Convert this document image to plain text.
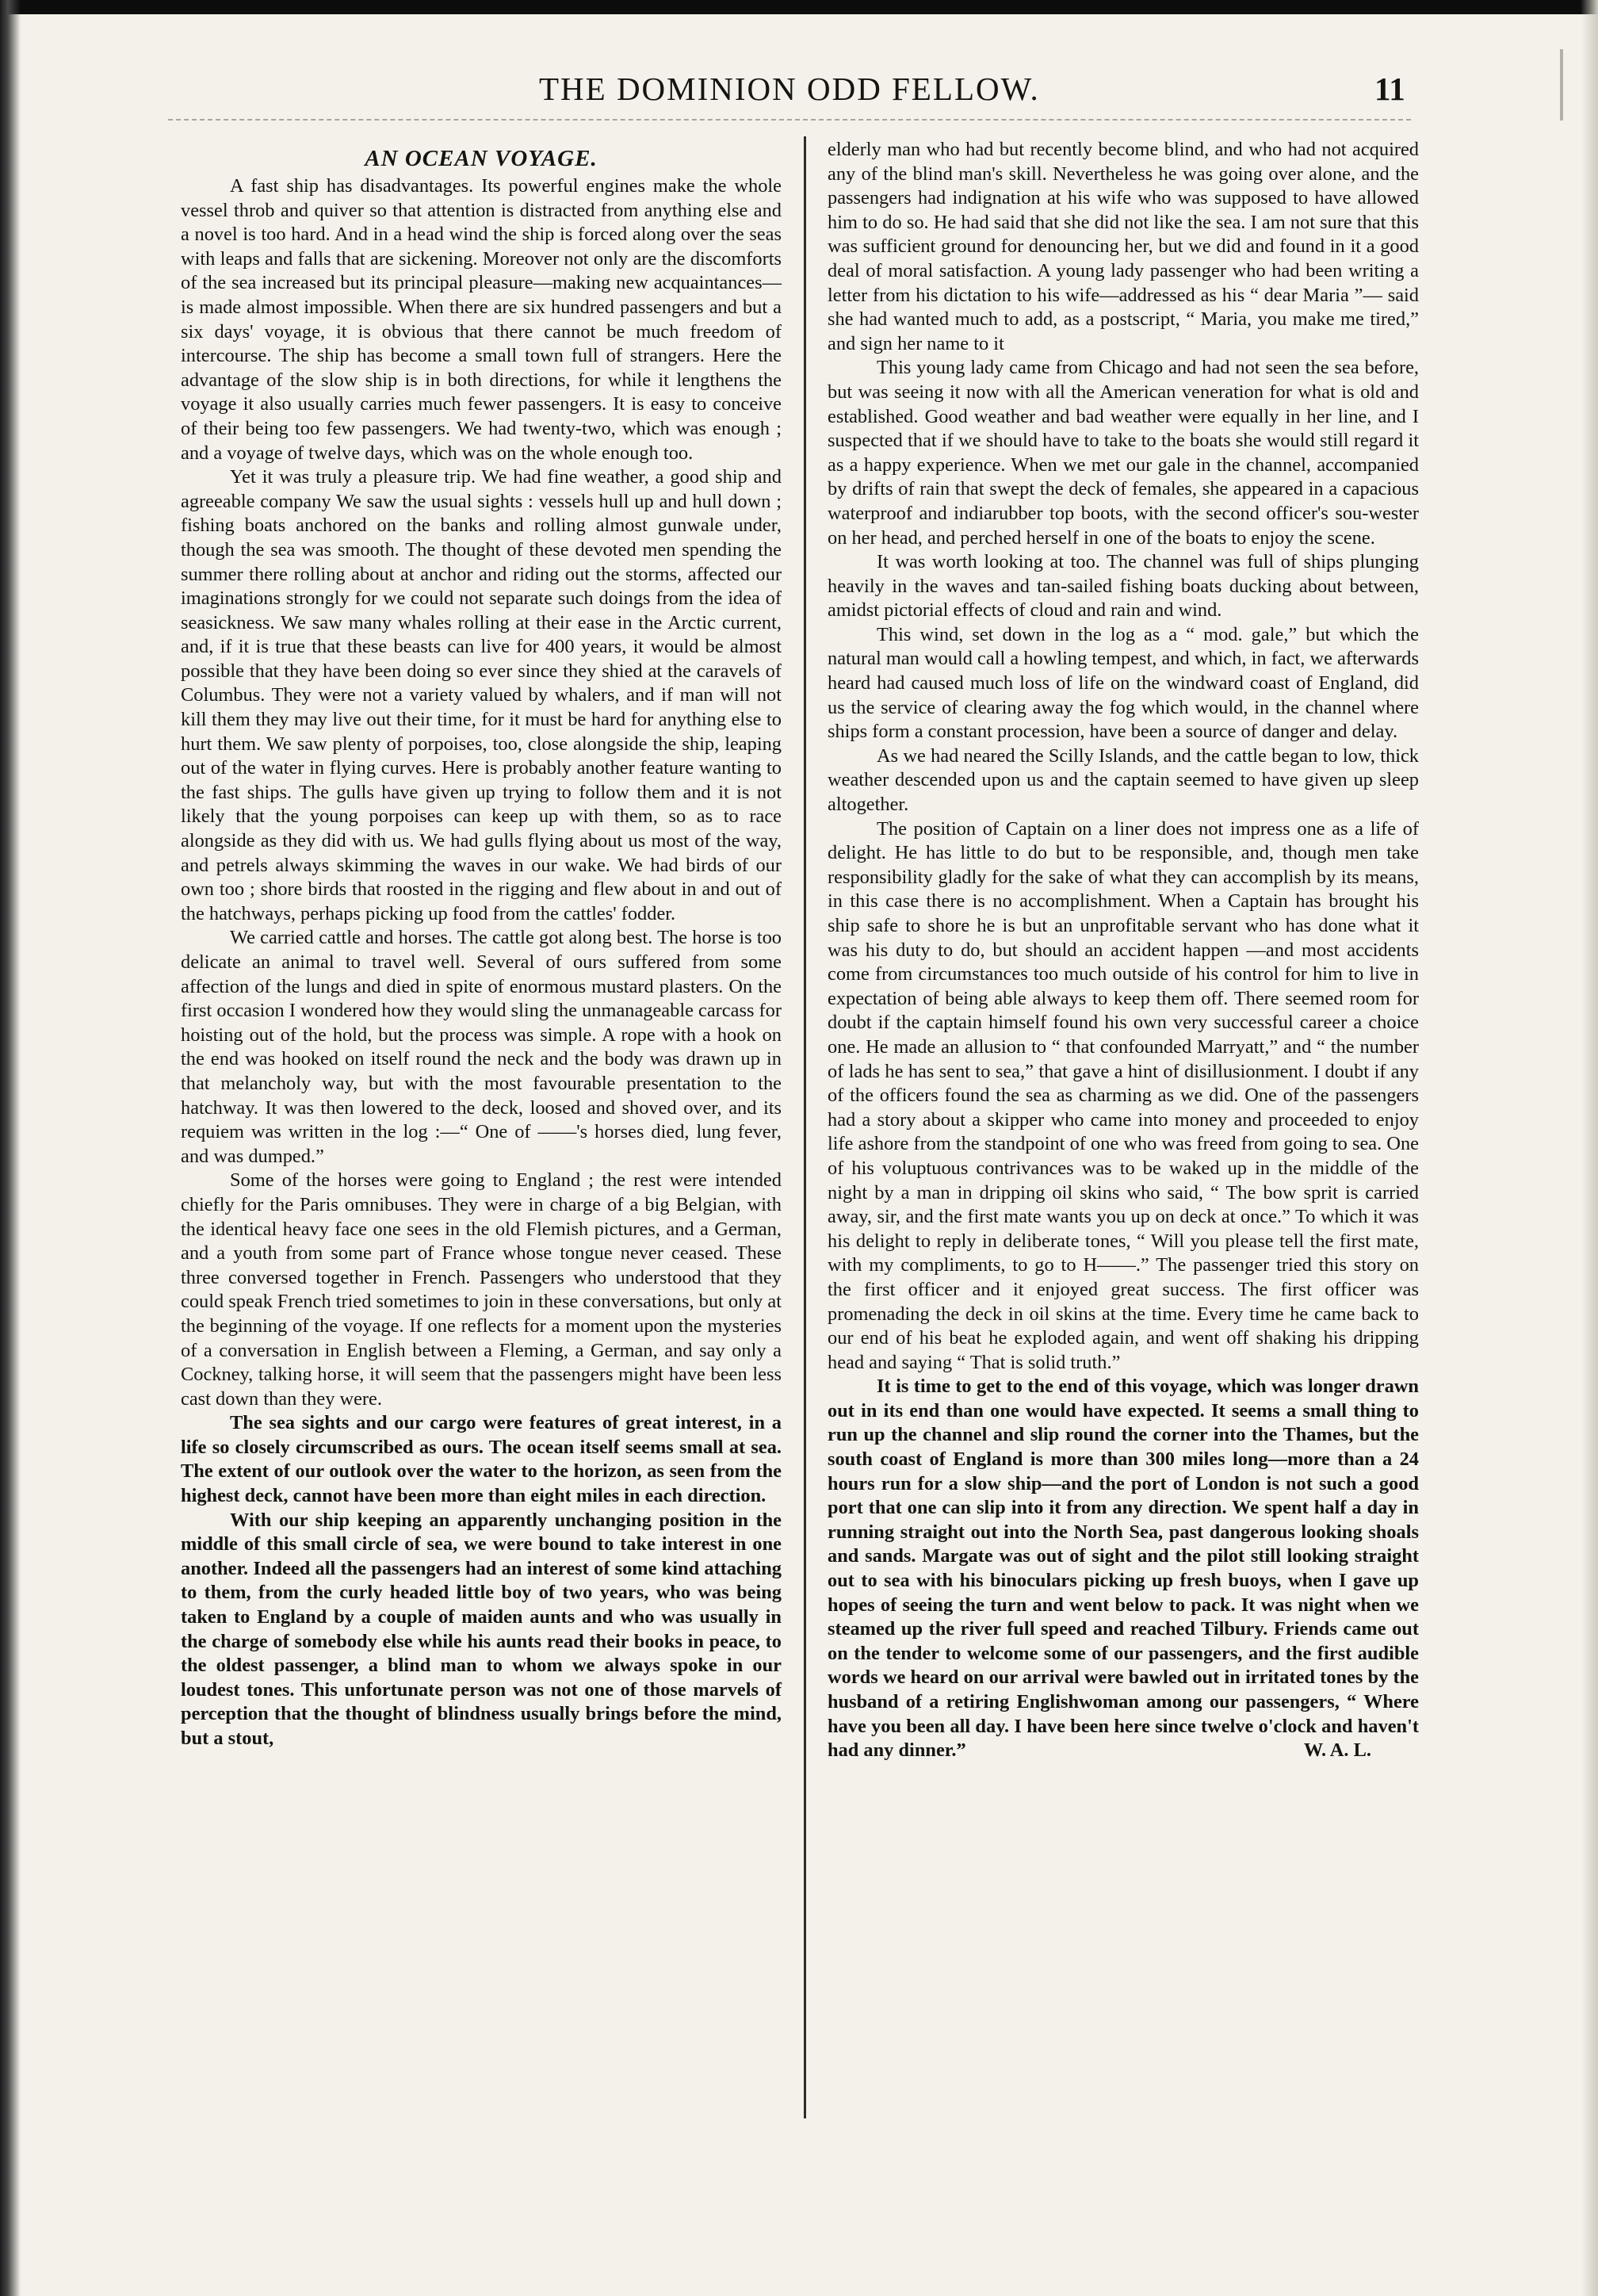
THE DOMINION ODD FELLOW.	11
AN OCEAN VOYAGE.

A fast ship has disadvantages. Its powerful engines make the whole vessel throb and quiver so that attention is distracted from anything else and a novel is too hard. And in a head wind the ship is forced along over the seas with leaps and falls that are sickening. Moreover not only are the discomforts of the sea increased but its principal pleasure—making new acquaintances—is made almost impossible. When there are six hundred passengers and but a six days' voyage, it is obvious that there cannot be much freedom of intercourse. The ship has become a small town full of strangers. Here the advantage of the slow ship is in both directions, for while it lengthens the voyage it also usually carries much fewer passengers. It is easy to conceive of their being too few passengers. We had twenty-two, which was enough ; and a voyage of twelve days, which was on the whole enough too.

Yet it was truly a pleasure trip. We had fine weather, a good ship and agreeable company We saw the usual sights : vessels hull up and hull down ; fishing boats anchored on the banks and rolling almost gunwale under, though the sea was smooth. The thought of these devoted men spending the summer there rolling about at anchor and riding out the storms, affected our imaginations strongly for we could not separate such doings from the idea of seasickness. We saw many whales rolling at their ease in the Arctic current, and, if it is true that these beasts can live for 400 years, it would be almost possible that they have been doing so ever since they shied at the caravels of Columbus. They were not a variety valued by whalers, and if man will not kill them they may live out their time, for it must be hard for anything else to hurt them. We saw plenty of porpoises, too, close alongside the ship, leaping out of the water in flying curves. Here is probably another feature wanting to the fast ships. The gulls have given up trying to follow them and it is not likely that the young porpoises can keep up with them, so as to race alongside as they did with us. We had gulls flying about us most of the way, and petrels always skimming the waves in our wake. We had birds of our own too ; shore birds that roosted in the rigging and flew about in and out of the hatchways, perhaps picking up food from the cattles' fodder.

We carried cattle and horses. The cattle got along best. The horse is too delicate an animal to travel well. Several of ours suffered from some affection of the lungs and died in spite of enormous mustard plasters. On the first occasion I wondered how they would sling the unmanageable carcass for hoisting out of the hold, but the process was simple. A rope with a hook on the end was hooked on itself round the neck and the body was drawn up in that melancholy way, but with the most favourable presentation to the hatchway. It was then lowered to the deck, loosed and shoved over, and its requiem was written in the log :—“ One of ——'s horses died, lung fever, and was dumped.”

Some of the horses were going to England ; the rest were intended chiefly for the Paris omnibuses. They were in charge of a big Belgian, with the identical heavy face one sees in the old Flemish pictures, and a German, and a youth from some part of France whose tongue never ceased. These three conversed together in French. Passengers who understood that they could speak French tried sometimes to join in these conversations, but only at the beginning of the voyage. If one reflects for a moment upon the mysteries of a conversation in English between a Fleming, a German, and say only a Cockney, talking horse, it will seem that the passengers might have been less cast down than they were.

The sea sights and our cargo were features of great interest, in a life so closely circumscribed as ours. The ocean itself seems small at sea. The extent of our outlook over the water to the horizon, as seen from the highest deck, cannot have been more than eight miles in each direction.

With our ship keeping an apparently unchanging position in the middle of this small circle of sea, we were bound to take interest in one another. Indeed all the passengers had an interest of some kind attaching to them, from the curly headed little boy of two years, who was being taken to England by a couple of maiden aunts and who was usually in the charge of somebody else while his aunts read their books in peace, to the oldest passenger, a blind man to whom we always spoke in our loudest tones. This unfortunate person was not one of those marvels of perception that the thought of blindness usually brings before the mind, but a stout,

elderly man who had but recently become blind, and who had not acquired any of the blind man's skill. Nevertheless he was going over alone, and the passengers had indignation at his wife who was supposed to have allowed him to do so. He had said that she did not like the sea. I am not sure that this was sufficient ground for denouncing her, but we did and found in it a good deal of moral satisfaction. A young lady passenger who had been writing a letter from his dictation to his wife—addressed as his “ dear Maria ”— said she had wanted much to add, as a postscript, “ Maria, you make me tired,” and sign her name to it

This young lady came from Chicago and had not seen the sea before, but was seeing it now with all the American veneration for what is old and established. Good weather and bad weather were equally in her line, and I suspected that if we should have to take to the boats she would still regard it as a happy experience. When we met our gale in the channel, accompanied by drifts of rain that swept the deck of females, she appeared in a capacious waterproof and indiarubber top boots, with the second officer's sou-wester on her head, and perched herself in one of the boats to enjoy the scene.

It was worth looking at too. The channel was full of ships plunging heavily in the waves and tan-sailed fishing boats ducking about between, amidst pictorial effects of cloud and rain and wind.

This wind, set down in the log as a “ mod. gale,” but which the natural man would call a howling tempest, and which, in fact, we afterwards heard had caused much loss of life on the windward coast of England, did us the service of clearing away the fog which would, in the channel where ships form a constant procession, have been a source of danger and delay.

As we had neared the Scilly Islands, and the cattle began to low, thick weather descended upon us and the captain seemed to have given up sleep altogether.

The position of Captain on a liner does not impress one as a life of delight. He has little to do but to be responsible, and, though men take responsibility gladly for the sake of what they can accomplish by its means, in this case there is no accomplishment. When a Captain has brought his ship safe to shore he is but an unprofitable servant who has done what it was his duty to do, but should an accident happen —and most accidents come from circumstances too much outside of his control for him to live in expectation of being able always to keep them off. There seemed room for doubt if the captain himself found his own very successful career a choice one. He made an allusion to “ that confounded Marryatt,” and “ the number of lads he has sent to sea,” that gave a hint of disillusionment. I doubt if any of the officers found the sea as charming as we did. One of the passengers had a story about a skipper who came into money and proceeded to enjoy life ashore from the standpoint of one who was freed from going to sea. One of his voluptuous contrivances was to be waked up in the middle of the night by a man in dripping oil skins who said, “ The bow sprit is carried away, sir, and the first mate wants you up on deck at once.” To which it was his delight to reply in deliberate tones, “ Will you please tell the first mate, with my compliments, to go to H——.” The passenger tried this story on the first officer and it enjoyed great success. The first officer was promenading the deck in oil skins at the time. Every time he came back to our end of his beat he exploded again, and went off shaking his dripping head and saying “ That is solid truth.”

It is time to get to the end of this voyage, which was longer drawn out in its end than one would have expected. It seems a small thing to run up the channel and slip round the corner into the Thames, but the south coast of England is more than 300 miles long—more than a 24 hours run for a slow ship—and the port of London is not such a good port that one can slip into it from any direction. We spent half a day in running straight out into the North Sea, past dangerous looking shoals and sands. Margate was out of sight and the pilot still looking straight out to sea with his binoculars picking up fresh buoys, when I gave up hopes of seeing the turn and went below to pack. It was night when we steamed up the river full speed and reached Tilbury. Friends came out on the tender to welcome some of our passengers, and the first audible words we heard on our arrival were bawled out in irritated tones by the husband of a retiring Englishwoman among our passengers, “ Where have you been all day. I have been here since twelve o'clock and haven't had any dinner.”	W. A. L.
